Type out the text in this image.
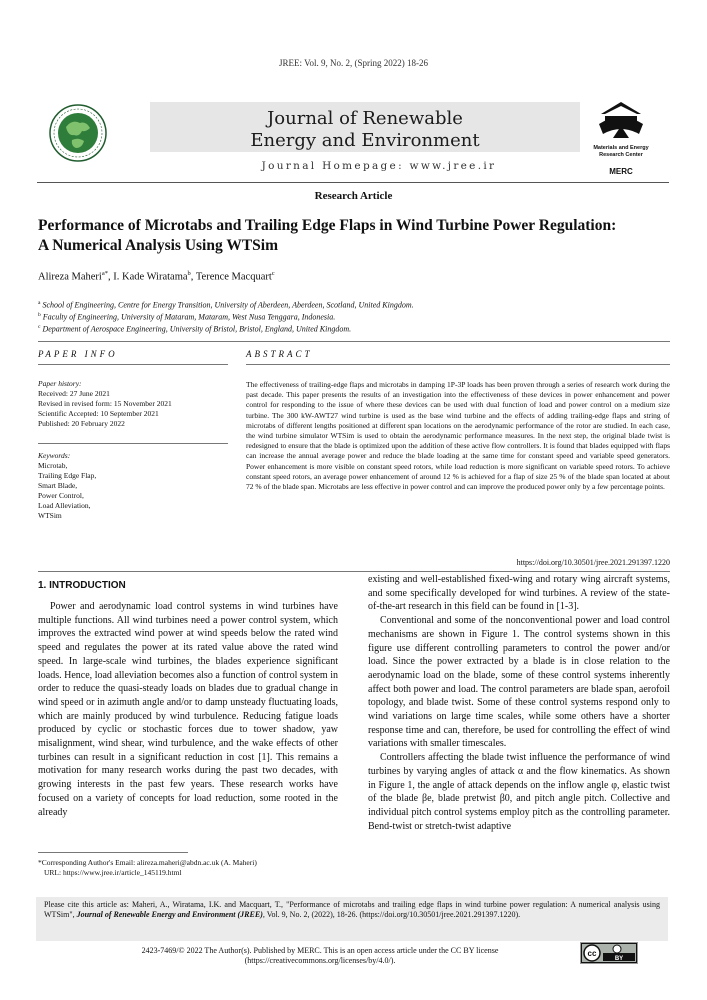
JREE: Vol. 9, No. 2, (Spring 2022) 18-26
Journal of Renewable
Energy and Environment
Journal Homepage: www.jree.ir
Materials and Energy
Research Center
MERC
Research Article
Performance of Microtabs and Trailing Edge Flaps in Wind Turbine Power Regulation:
A Numerical Analysis Using WTSim
Alireza Maheri$^{a*}$, I. Kade Wiratama$^b$, Terence Macquart$^c$
$^a$ School of Engineering, Centre for Energy Transition, University of Aberdeen, Aberdeen, Scotland, United Kingdom.
$^b$ Faculty of Engineering, University of Mataram, Mataram, West Nusa Tenggara, Indonesia.
$^c$ Department of Aerospace Engineering, University of Bristol, Bristol, England, United Kingdom.
PAPER INFO	ABSTRACT
Paper history:
Received: 27 June 2021
Revised in revised form: 15 November 2021
Scientific Accepted: 10 September 2021
Published: 20 February 2022
Keywords:
Microtab,
Trailing Edge Flap,
Smart Blade,
Power Control,
Load Alleviation,
WTSim
The effectiveness of trailing-edge flaps and microtabs in damping 1P-3P loads has been proven through a series of research work during the past decade. This paper presents the results of an investigation into the effectiveness of these devices in power enhancement and power control for responding to the issue of where these devices can be used with dual function of load and power control on a medium size turbine. The 300 kW-AWT27 wind turbine is used as the base wind turbine and the effects of adding trailing-edge flaps and string of microtabs of different lengths positioned at different span locations on the aerodynamic performance of the rotor are studied. In each case, the wind turbine simulator WTSim is used to obtain the aerodynamic performance measures. In the next step, the original blade twist is redesigned to ensure that the blade is optimized upon the addition of these active flow controllers. It is found that blades equipped with flaps can increase the annual average power and reduce the blade loading at the same time for constant speed and variable speed generators. Power enhancement is more visible on constant speed rotors, while load reduction is more significant on variable speed rotors. To achieve constant speed rotors, an average power enhancement of around 12 % is achieved for a flap of size 25 % of the blade span located at about 72 % of the blade span. Microtabs are less effective in power control and can improve the produced power only by a few percentage points.
https://doi.org/10.30501/jree.2021.291397.1220
1. INTRODUCTION

Power and aerodynamic load control systems in wind turbines have multiple functions. All wind turbines need a power control system, which improves the extracted wind power at wind speeds below the rated wind speed and regulates the power at its rated value above the rated wind speed. In large-scale wind turbines, the blades experience significant loads. Hence, load alleviation becomes also a function of control system in order to reduce the quasi-steady loads on blades due to gradual change in wind speed or in azimuth angle and/or to damp unsteady fluctuating loads, which are mainly produced by wind turbulence. Reducing fatigue loads produced by cyclic or stochastic forces due to tower shadow, yaw misalignment, wind shear, wind turbulence, and the wake effects of other turbines can result in a significant reduction in cost [1]. This remains a motivation for many research works during the past two decades, with growing interests in the past few years. These research works have focused on a variety of concepts for load reduction, some rooted in the already

existing and well-established fixed-wing and rotary wing aircraft systems, and some specifically developed for wind turbines. A review of the state-of-the-art research in this field can be found in [1-3].

Conventional and some of the nonconventional power and load control mechanisms are shown in Figure 1. The control systems shown in this figure use different controlling parameters to control the power and/or load. Since the power extracted by a blade is in close relation to the aerodynamic load on the blade, some of these control systems inherently affect both power and load. The control parameters are blade span, aerofoil topology, and blade twist. Some of these control systems respond only to wind variations on large time scales, while some others have a shorter response time and can, therefore, be used for controlling the effect of wind variations with smaller timescales.

Controllers affecting the blade twist influence the performance of wind turbines by varying angles of attack α and the flow kinematics. As shown in Figure 1, the angle of attack depends on the inflow angle φ, elastic twist of the blade βe, blade pretwist β0, and pitch angle pitch. Collective and individual pitch control systems employ pitch as the controlling parameter. Bend-twist or stretch-twist adaptive

*Corresponding Author's Email: alireza.maheri@abdn.ac.uk (A. Maheri)
URL: https://www.jree.ir/article_145119.html
Please cite this article as: Maheri, A., Wiratama, I.K. and Macquart, T., "Performance of microtabs and trailing edge flaps in wind turbine power regulation: A numerical analysis using WTSim", Journal of Renewable Energy and Environment (JREE), Vol. 9, No. 2, (2022), 18-26. (https://doi.org/10.30501/jree.2021.291397.1220).
2423-7469/© 2022 The Author(s). Published by MERC. This is an open access article under the CC BY license
(https://creativecommons.org/licenses/by/4.0/).
cc
BY
